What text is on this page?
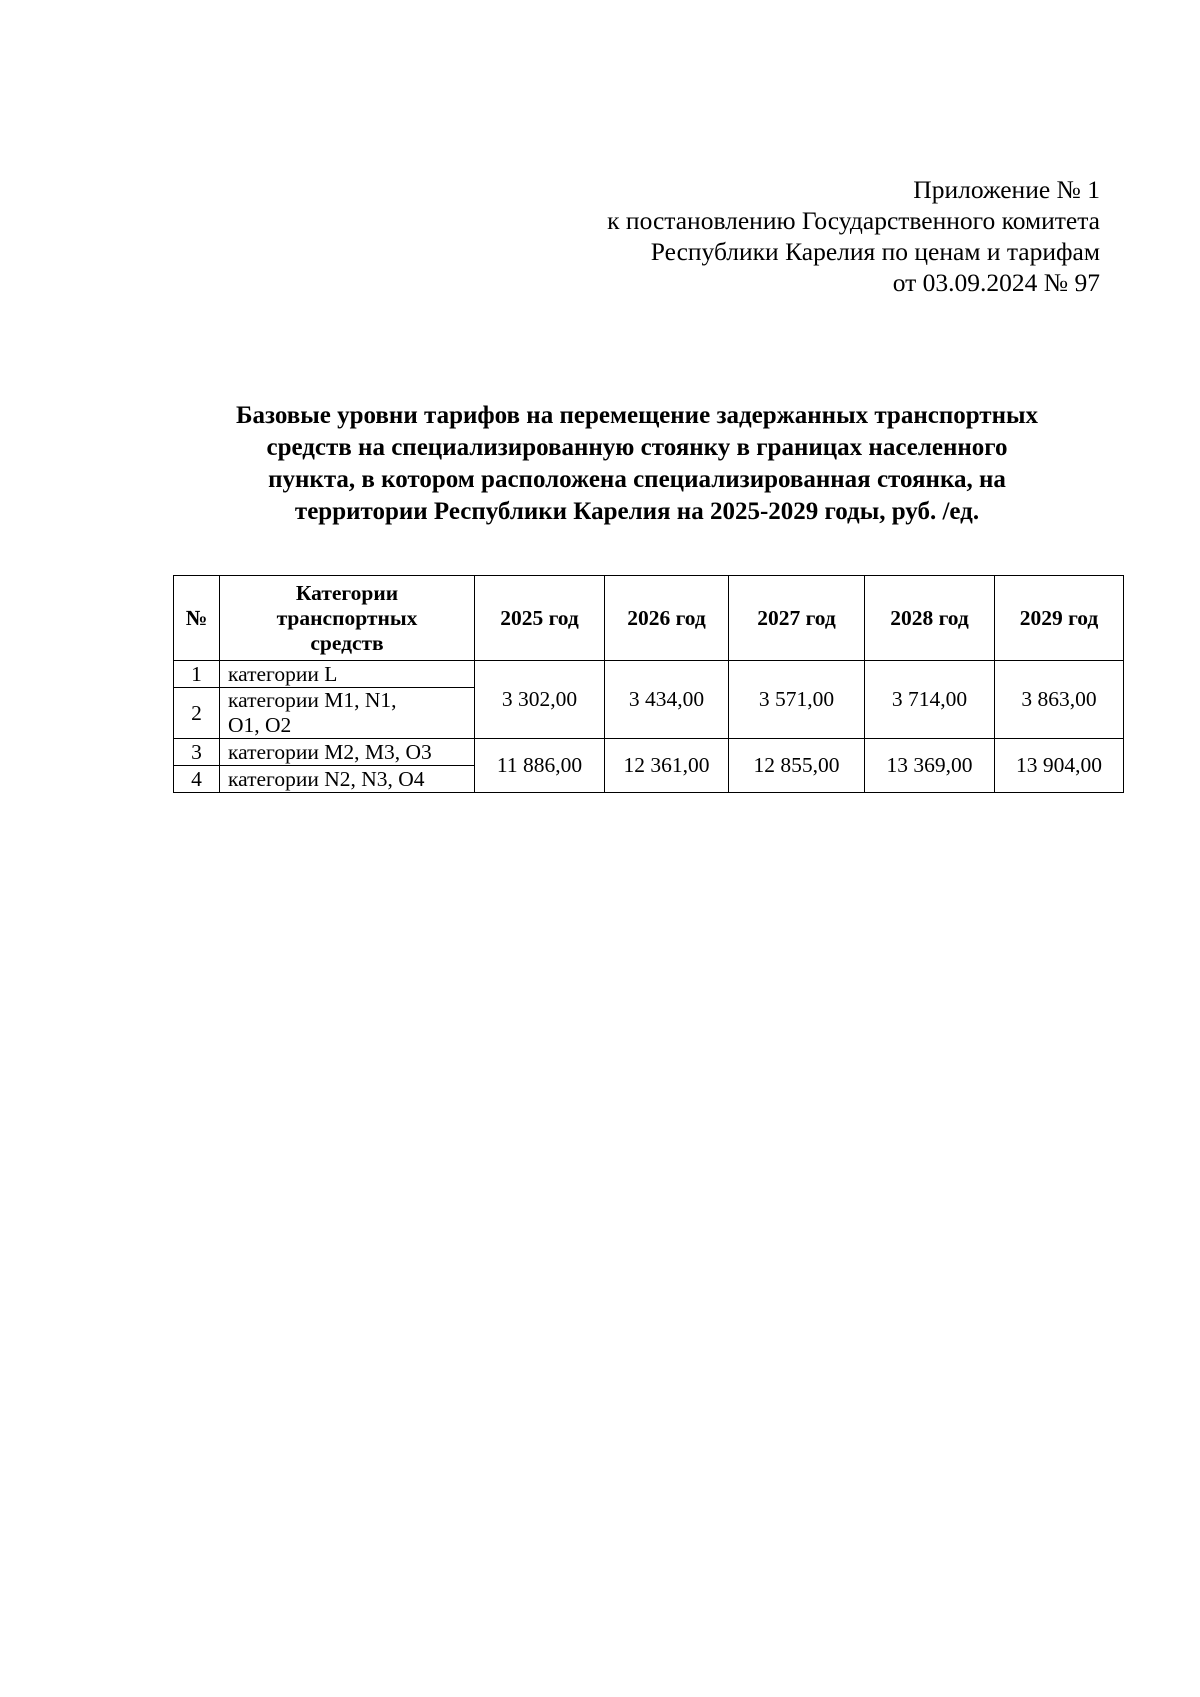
Приложение № 1
к постановлению Государственного комитета
Республики Карелия по ценам и тарифам
от 03.09.2024 № 97
Базовые уровни тарифов на перемещение задержанных транспортных
средств на специализированную стоянку в границах населенного
пункта, в котором расположена специализированная стоянка, на
территории Республики Карелия на 2025-2029 годы, руб. /ед.
№	Категории
транспортных
средств	2025 год	2026 год	2027 год	2028 год	2029 год
1	категории L	3 302,00	3 434,00	3 571,00	3 714,00	3 863,00
2	категории M1, N1,
O1, O2					

3	категории M2, M3, O3	11 886,00	12 361,00	12 855,00	13 369,00	13 904,00
4	категории N2, N3, O4					
